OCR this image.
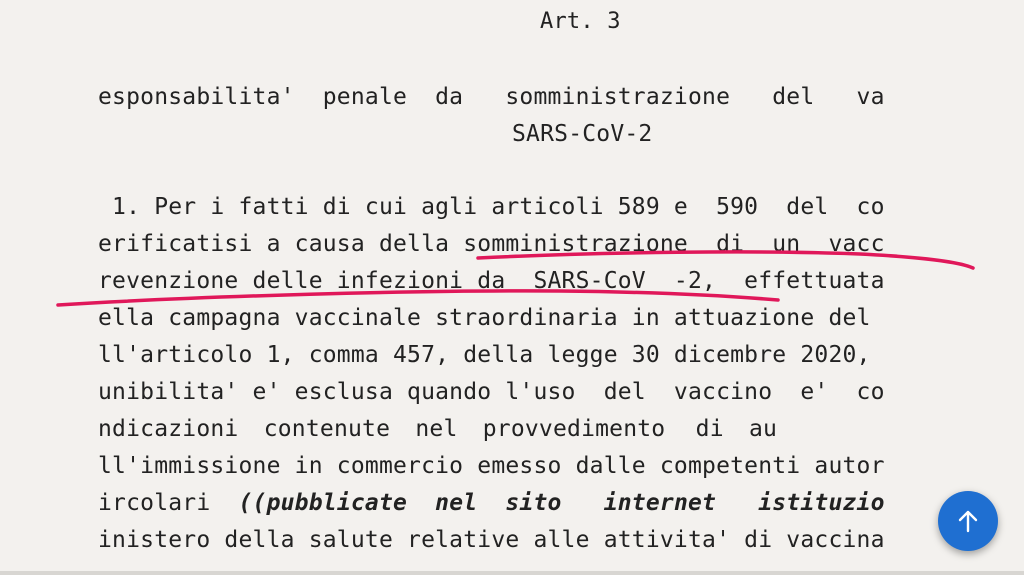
Art. 3
esponsabilita'  penale  da   somministrazione   del   va
1. Per i fatti di cui agli articoli 589 e  590  del  co
erificatisi a causa della somministrazione  di  un  vacc
revenzione delle infezioni da  SARS-CoV  -2,  effettuata
ella campagna vaccinale straordinaria in attuazione del
ll'articolo 1, comma 457, della legge 30 dicembre 2020,
unibilita' e' esclusa quando l'uso  del  vaccino  e'  co
ndicazioni     contenute     nel     provvedimento      di     au
ll'immissione in commercio emesso dalle competenti autor
ircolari  ((pubblicate  nel  sito   internet   istituzio
inistero della salute relative alle attivita' di vaccina
SARS-CoV-2
